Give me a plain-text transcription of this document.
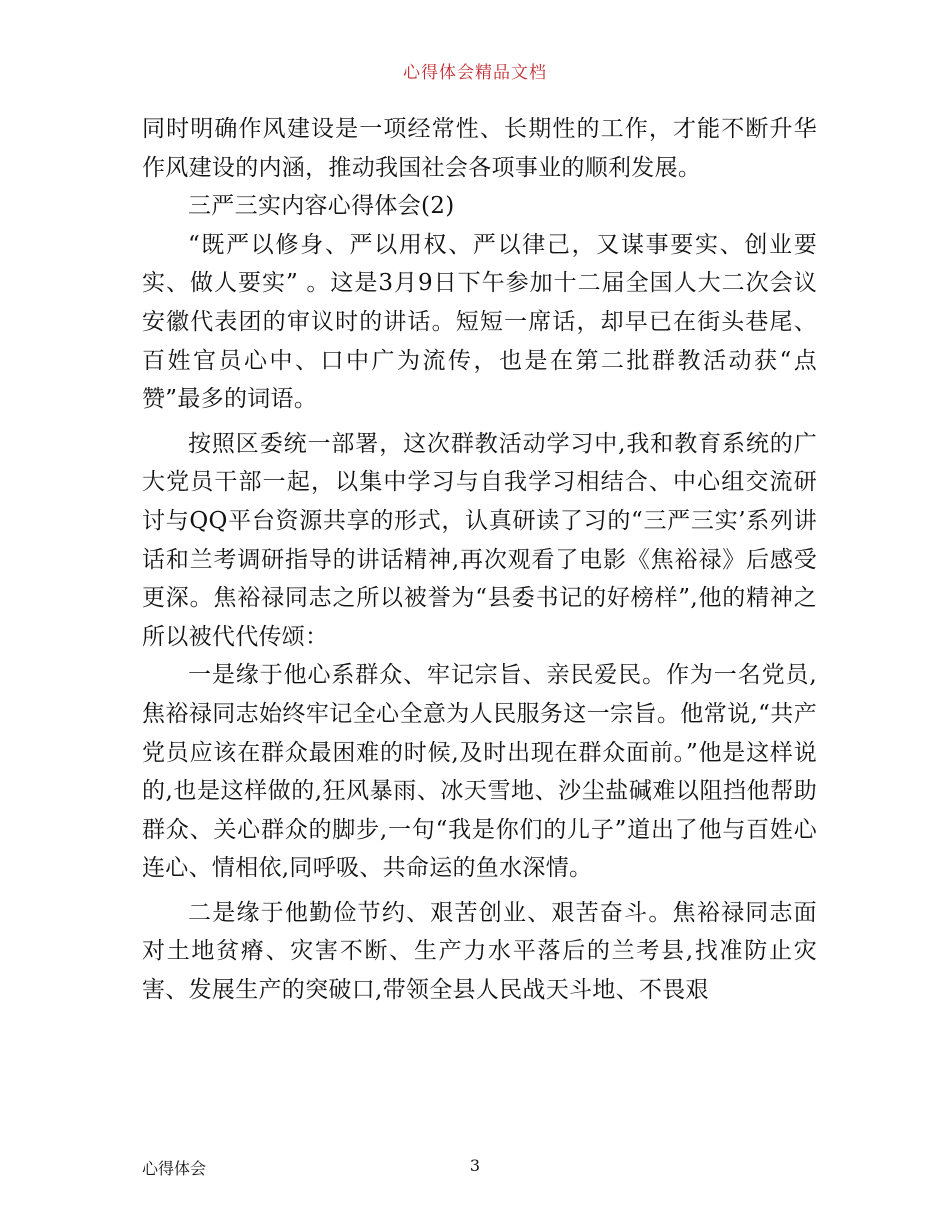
心得体会精品文档

同时明确作风建设是一项经常性、长期性的工作，才能不断升华作风建设的内涵，推动我国社会各项事业的顺利发展。

三严三实内容心得体会(2)

“既严以修身、严以用权、严以律己，又谋事要实、创业要实、做人要实” 。这是3月9日下午参加十二届全国人大二次会议安徽代表团的审议时的讲话。短短一席话，却早已在街头巷尾、百姓官员心中、口中广为流传，也是在第二批群教活动获“点赞”最多的词语。

按照区委统一部署，这次群教活动学习中,我和教育系统的广大党员干部一起，以集中学习与自我学习相结合、中心组交流研讨与QQ平台资源共享的形式，认真研读了习的“三严三实’系列讲话和兰考调研指导的讲话精神,再次观看了电影《焦裕禄》后感受更深。焦裕禄同志之所以被誉为“县委书记的好榜样”,他的精神之所以被代代传颂：

一是缘于他心系群众、牢记宗旨、亲民爱民。作为一名党员,焦裕禄同志始终牢记全心全意为人民服务这一宗旨。他常说,“共产党员应该在群众最困难的时候,及时出现在群众面前。”他是这样说的,也是这样做的,狂风暴雨、冰天雪地、沙尘盐碱难以阻挡他帮助群众、关心群众的脚步,一句“我是你们的儿子”道出了他与百姓心连心、情相依,同呼吸、共命运的鱼水深情。

二是缘于他勤俭节约、艰苦创业、艰苦奋斗。焦裕禄同志面对土地贫瘠、灾害不断、生产力水平落后的兰考县,找准防止灾害、发展生产的突破口,带领全县人民战天斗地、不畏艰

心得体会	3
